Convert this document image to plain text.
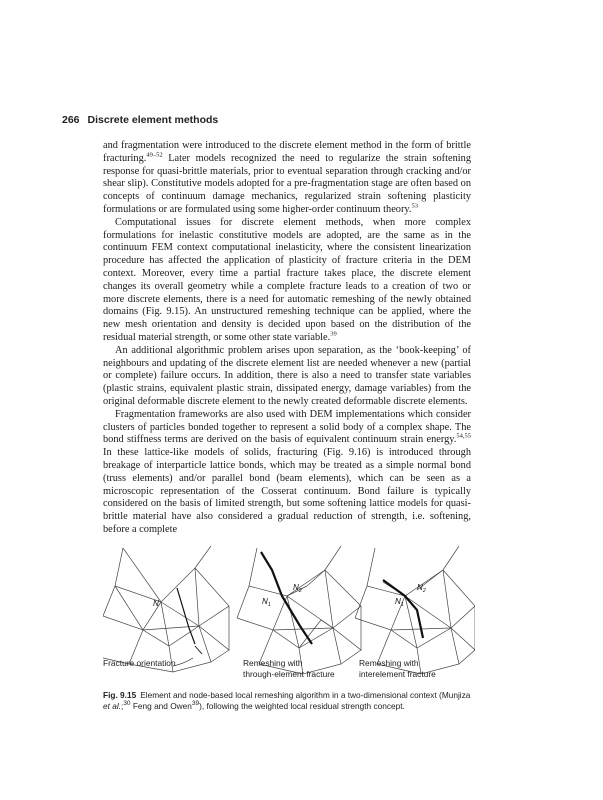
266 Discrete element methods

and fragmentation were introduced to the discrete element method in the form of brittle fracturing.$^{49-52}$ Later models recognized the need to regularize the strain softening response for quasi-brittle materials, prior to eventual separation through cracking and/or shear slip). Constitutive models adopted for a pre-fragmentation stage are often based on concepts of continuum damage mechanics, regularized strain softening plasticity formulations or are formulated using some higher-order continuum theory.$^{53}$

Computational issues for discrete element methods, when more complex formulations for inelastic constitutive models are adopted, are the same as in the continuum FEM context computational inelasticity, where the consistent linearization procedure has affected the application of plasticity of fracture criteria in the DEM context. Moreover, every time a partial fracture takes place, the discrete element changes its overall geometry while a complete fracture leads to a creation of two or more discrete elements, there is a need for automatic remeshing of the newly obtained domains (Fig. 9.15). An unstructured remeshing technique can be applied, where the new mesh orientation and density is decided upon based on the distribution of the residual material strength, or some other state variable.$^{39}$

An additional algorithmic problem arises upon separation, as the ‘book-keeping’ of neighbours and updating of the discrete element list are needed whenever a new (partial or complete) failure occurs. In addition, there is also a need to transfer state variables (plastic strains, equivalent plastic strain, dissipated energy, damage variables) from the original deformable discrete element to the newly created deformable discrete elements.

Fragmentation frameworks are also used with DEM implementations which consider clusters of particles bonded together to represent a solid body of a complex shape. The bond stiffness terms are derived on the basis of equivalent continuum strain energy.$^{54,55}$ In these lattice-like models of solids, fracturing (Fig. 9.16) is introduced through breakage of interparticle lattice bonds, which may be treated as a simple normal bond (truss elements) and/or parallel bond (beam elements), which can be seen as a microscopic representation of the Cosserat continuum. Bond failure is typically considered on the basis of limited strength, but some softening lattice models for quasi-brittle material have also considered a gradual reduction of strength, i.e. softening, before a complete

N	$N_1$
$N_2$
$N_1$
$N_2$
Fracture orientation	Remeshing with
through-element fracture
Remeshing with
interelement fracture
Fig. 9.15 Element and node-based local remeshing algorithm in a two-dimensional context (Munjiza et al.;$^{30}$ Feng and Owen$^{39}$), following the weighted local residual strength concept.
